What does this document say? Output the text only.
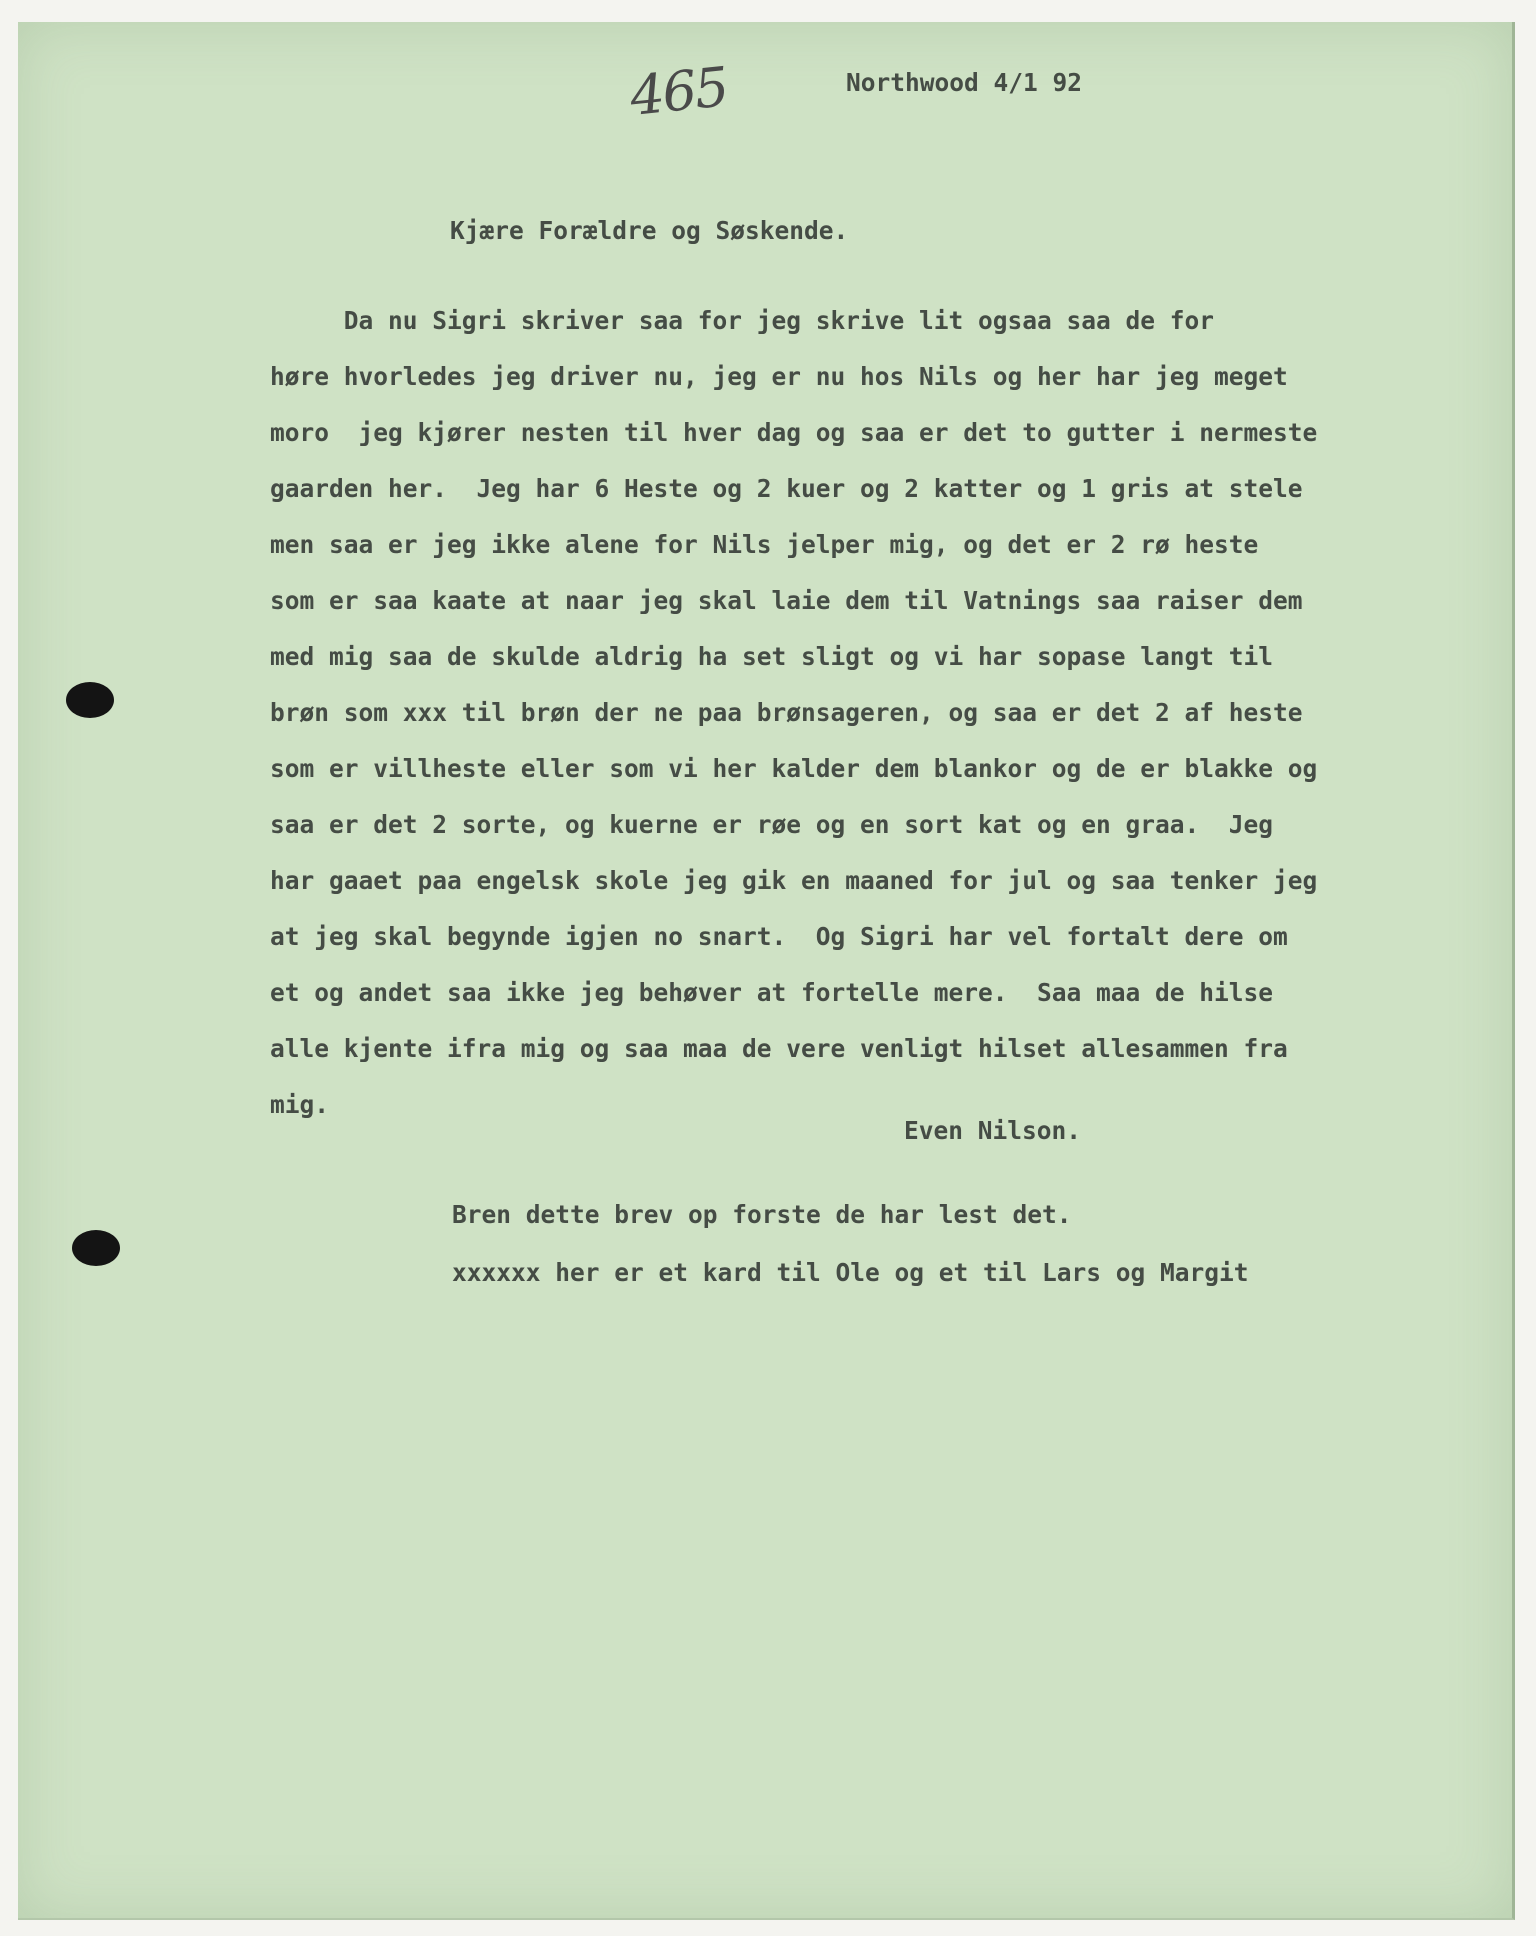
465	Northwood 4/1 92

Kjære Forældre og Søskende.

Da nu Sigri skriver saa for jeg skrive lit ogsaa saa de for

høre hvorledes jeg driver nu, jeg er nu hos Nils og her har jeg meget

moro  jeg kjører nesten til hver dag og saa er det to gutter i nermeste

gaarden her.  Jeg har 6 Heste og 2 kuer og 2 katter og 1 gris at stele

men saa er jeg ikke alene for Nils jelper mig, og det er 2 rø heste

som er saa kaate at naar jeg skal laie dem til Vatnings saa raiser dem

med mig saa de skulde aldrig ha set sligt og vi har sopase langt til

brøn som xxx til brøn der ne paa brønsageren, og saa er det 2 af heste

som er villheste eller som vi her kalder dem blankor og de er blakke og

saa er det 2 sorte, og kuerne er røe og en sort kat og en graa.  Jeg

har gaaet paa engelsk skole jeg gik en maaned for jul og saa tenker jeg

at jeg skal begynde igjen no snart.  Og Sigri har vel fortalt dere om

et og andet saa ikke jeg behøver at fortelle mere.  Saa maa de hilse

alle kjente ifra mig og saa maa de vere venligt hilset allesammen fra

mig.

Even Nilson.

Bren dette brev op forste de har lest det.

xxxxxx her er et kard til Ole og et til Lars og Margit
